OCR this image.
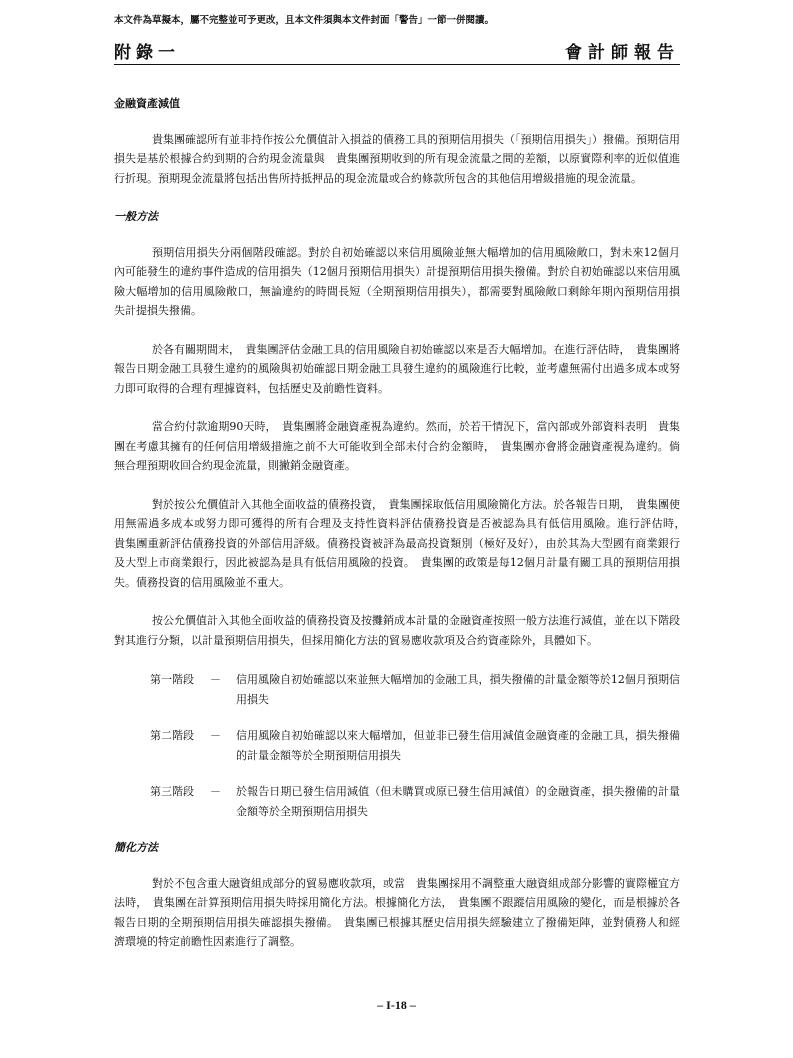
本文件為草擬本，屬不完整並可予更改，且本文件須與本文件封面「警告」一節一併閱讀。
附錄一	會計師報告
金融資產減值

貴集團確認所有並非持作按公允價值計入損益的債務工具的預期信用損失（「預期信用損失」）撥備。預期信用損失是基於根據合約到期的合約現金流量與　貴集團預期收到的所有現金流量之間的差額，以原實際利率的近似值進行折現。預期現金流量將包括出售所持抵押品的現金流量或合約條款所包含的其他信用增級措施的現金流量。

一般方法

預期信用損失分兩個階段確認。對於自初始確認以來信用風險並無大幅增加的信用風險敞口，對未來12個月內可能發生的違約事件造成的信用損失（12個月預期信用損失）計提預期信用損失撥備。對於自初始確認以來信用風險大幅增加的信用風險敞口，無論違約的時間長短（全期預期信用損失），都需要對風險敞口剩餘年期內預期信用損失計提損失撥備。

於各有關期間末，　貴集團評估金融工具的信用風險自初始確認以來是否大幅增加。在進行評估時，　貴集團將報告日期金融工具發生違約的風險與初始確認日期金融工具發生違約的風險進行比較，並考慮無需付出過多成本或努力即可取得的合理有理據資料，包括歷史及前瞻性資料。

當合約付款逾期90天時，　貴集團將金融資產視為違約。然而，於若干情況下，當內部或外部資料表明　貴集團在考慮其擁有的任何信用增級措施之前不大可能收到全部未付合約金額時，　貴集團亦會將金融資產視為違約。倘無合理預期收回合約現金流量，則撇銷金融資產。

對於按公允價值計入其他全面收益的債務投資，　貴集團採取低信用風險簡化方法。於各報告日期，　貴集團使用無需過多成本或努力即可獲得的所有合理及支持性資料評估債務投資是否被認為具有低信用風險。進行評估時，　貴集團重新評估債務投資的外部信用評級。債務投資被評為最高投資類別（極好及好），由於其為大型國有商業銀行及大型上市商業銀行，因此被認為是具有低信用風險的投資。　貴集團的政策是每12個月計量有關工具的預期信用損失。債務投資的信用風險並不重大。

按公允價值計入其他全面收益的債務投資及按攤銷成本計量的金融資產按照一般方法進行減值，並在以下階段對其進行分類，以計量預期信用損失，但採用簡化方法的貿易應收款項及合約資產除外，具體如下。

第一階段	－	信用風險自初始確認以來並無大幅增加的金融工具，損失撥備的計量金額等於12個月預期信用損失
第二階段	－	信用風險自初始確認以來大幅增加，但並非已發生信用減值金融資產的金融工具，損失撥備的計量金額等於全期預期信用損失
第三階段	－	於報告日期已發生信用減值（但未購買或原已發生信用減值）的金融資產，損失撥備的計量金額等於全期預期信用損失
簡化方法

對於不包含重大融資組成部分的貿易應收款項，或當　貴集團採用不調整重大融資組成部分影響的實際權宜方法時，　貴集團在計算預期信用損失時採用簡化方法。根據簡化方法，　貴集團不跟蹤信用風險的變化，而是根據於各報告日期的全期預期信用損失確認損失撥備。　貴集團已根據其歷史信用損失經驗建立了撥備矩陣，並對債務人和經濟環境的特定前瞻性因素進行了調整。

– I-18 –
